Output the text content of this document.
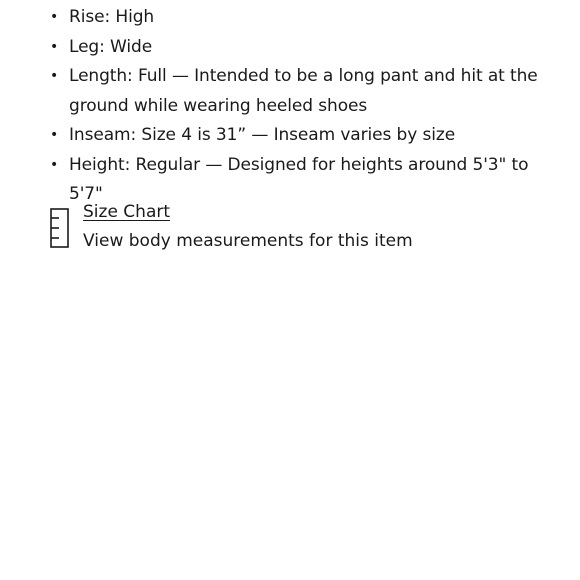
• Rise: High
• Leg: Wide
• Length: Full — Intended to be a long pant and hit at the ground while wearing heeled shoes
• Inseam: Size 4 is 31” — Inseam varies by size
• Height: Regular — Designed for heights around 5'3" to 5'7"
Size Chart
View body measurements for this item
